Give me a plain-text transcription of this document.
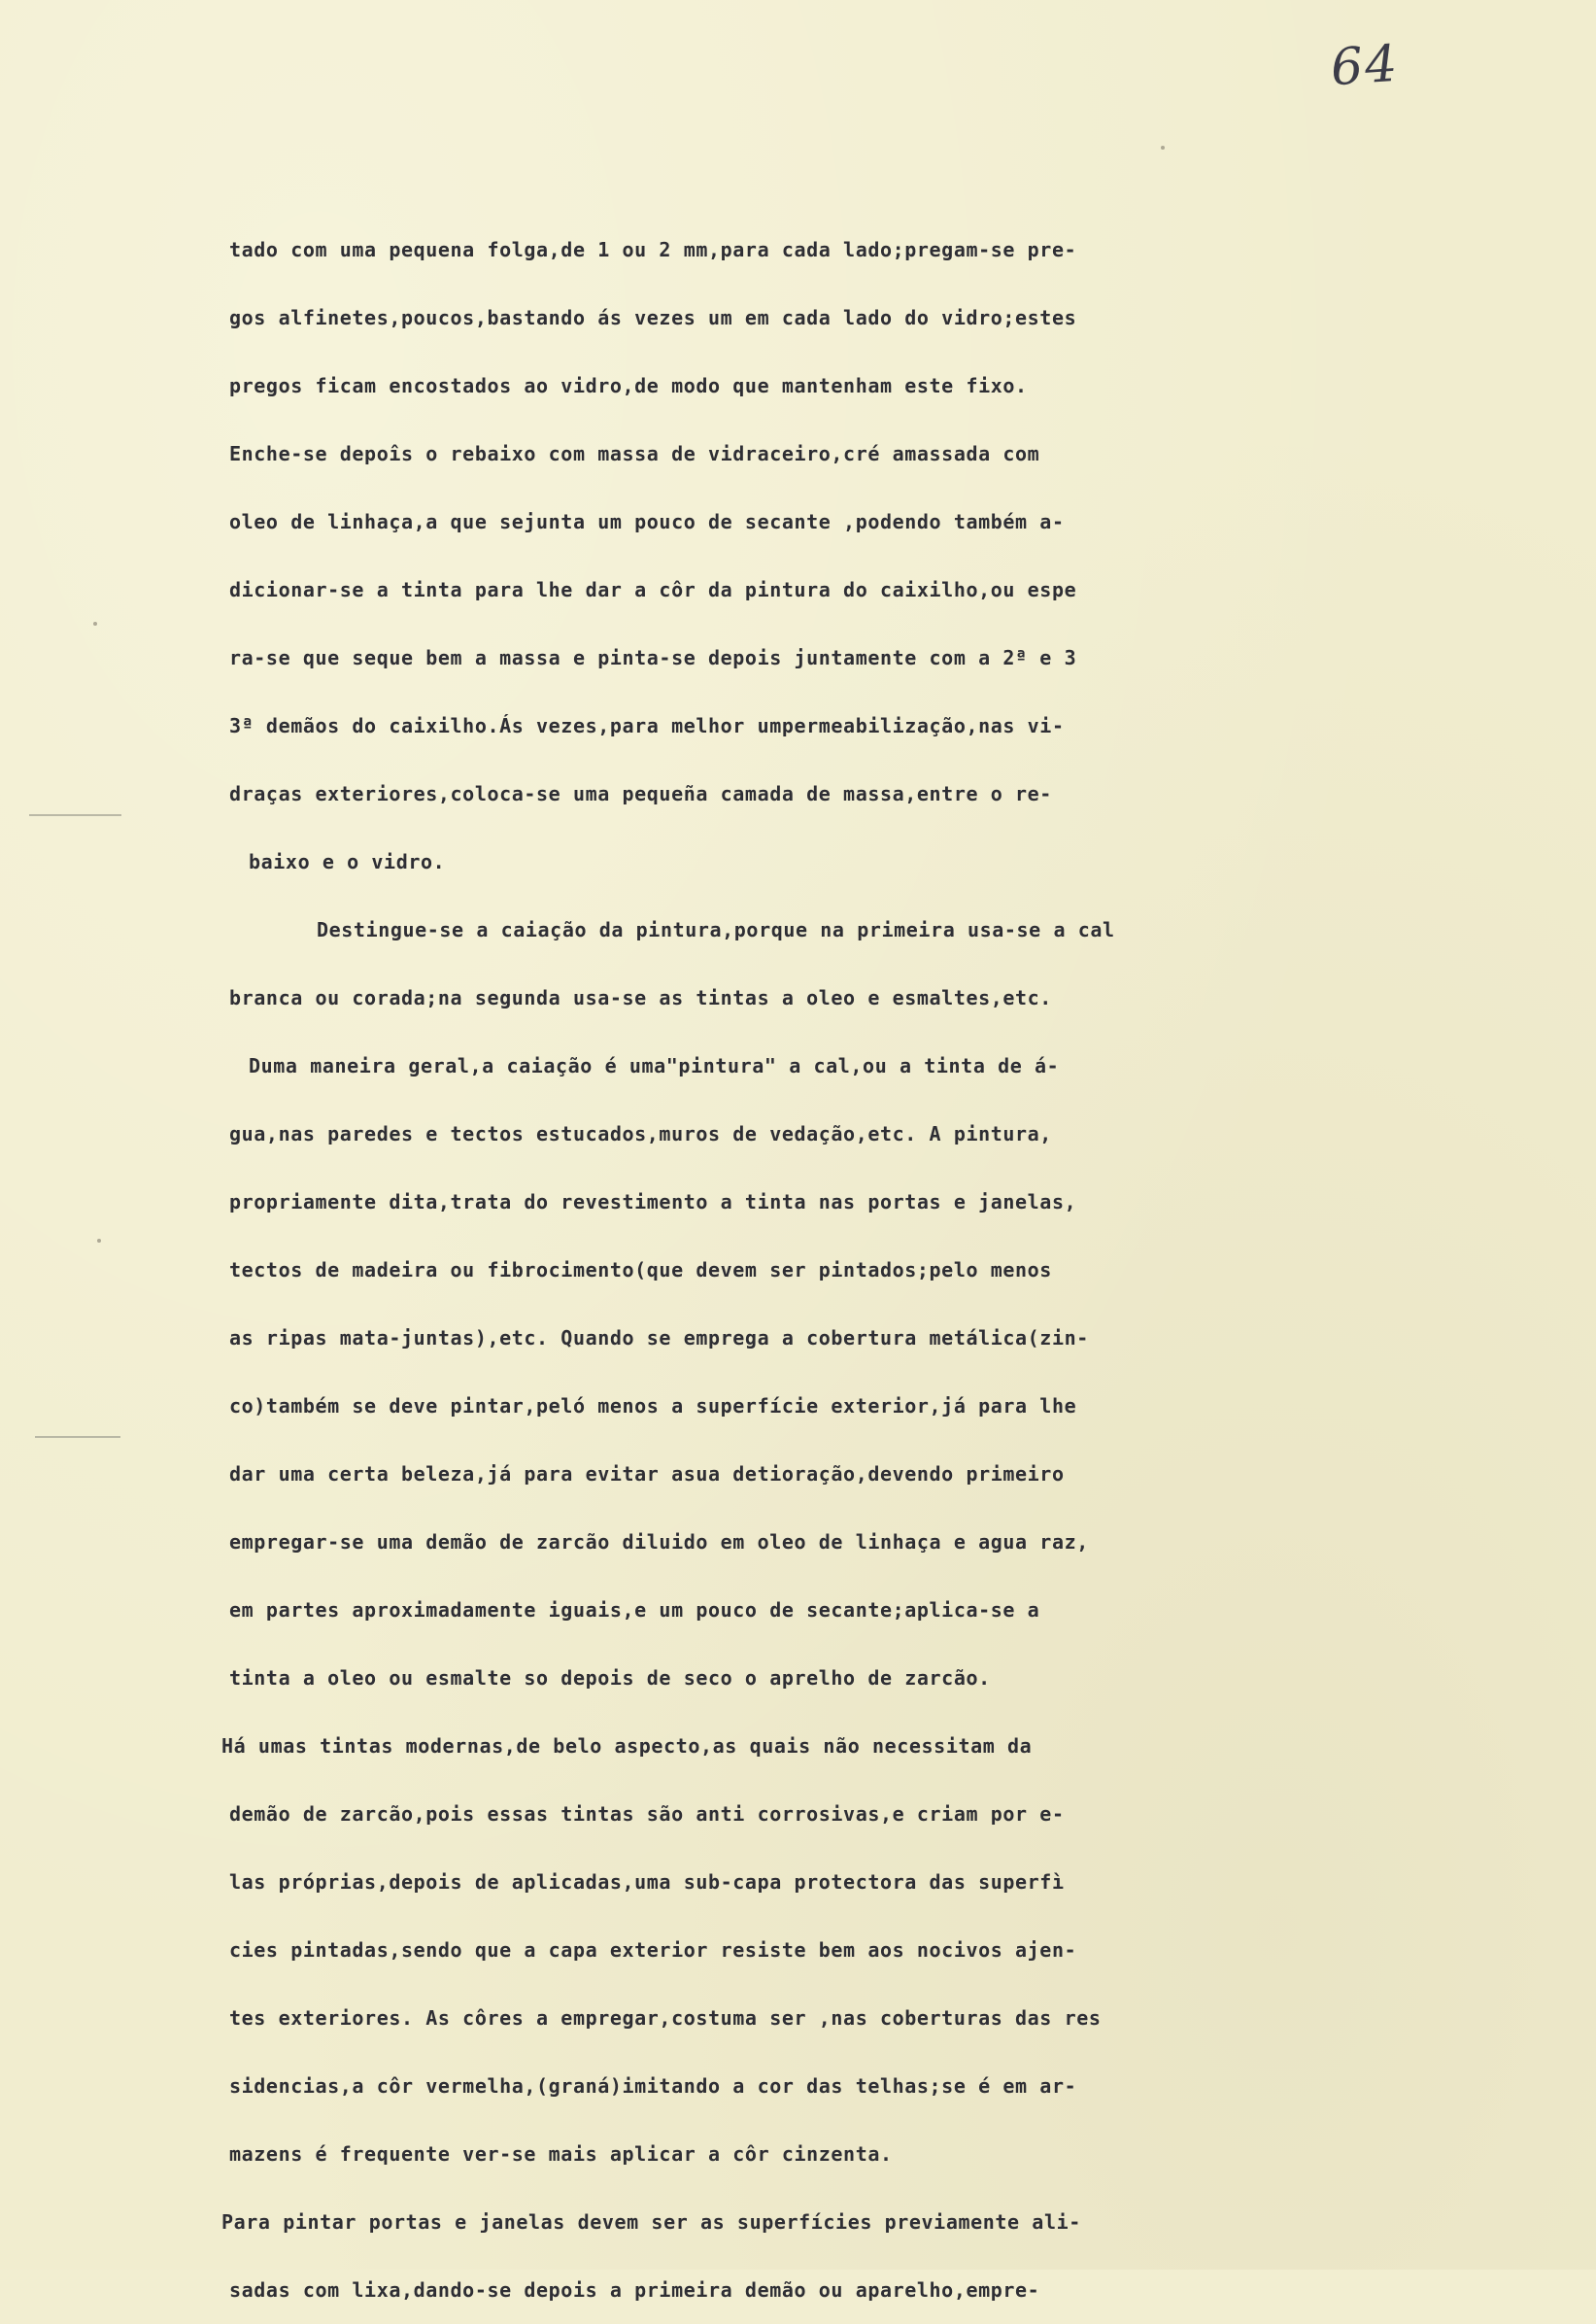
64
tado com uma pequena folga,de 1 ou 2 mm,para cada lado;pregam-se pre-
gos alfinetes,poucos,bastando ás vezes um em cada lado do vidro;estes
pregos ficam encostados ao vidro,de modo que mantenham este fixo.
Enche-se depoîs o rebaixo com massa de vidraceiro,cré amassada com
oleo de linhaça,a que sejunta um pouco de secante ,podendo também a-
dicionar-se a tinta para lhe dar a côr da pintura do caixilho,ou espe
ra-se que seque bem a massa e pinta-se depois juntamente com a 2ª e 3
3ª demãos do caixilho.Ás vezes,para melhor umpermeabilização,nas vi-
draças exteriores,coloca-se uma pequeña camada de massa,entre o re-
baixo e o vidro.
Destingue-se a caiação da pintura,porque na primeira usa-se a cal
branca ou corada;na segunda usa-se as tintas a oleo e esmaltes,etc.
Duma maneira geral,a caiação é uma"pintura" a cal,ou a tinta de á-
gua,nas paredes e tectos estucados,muros de vedação,etc. A pintura,
propriamente dita,trata do revestimento a tinta nas portas e janelas,
tectos de madeira ou fibrocimento(que devem ser pintados;pelo menos
as ripas mata-juntas),etc. Quando se emprega a cobertura metálica(zin-
co)também se deve pintar,peló menos a superfície exterior,já para lhe
dar uma certa beleza,já para evitar asua detioração,devendo primeiro
empregar-se uma demão de zarcão diluido em oleo de linhaça e agua raz,
em partes aproximadamente iguais,e um pouco de secante;aplica-se a
tinta a oleo ou esmalte so depois de seco o aprelho de zarcão.
Há umas tintas modernas,de belo aspecto,as quais não necessitam da
demão de zarcão,pois essas tintas são anti corrosivas,e criam por e-
las próprias,depois de aplicadas,uma sub-capa protectora das superfì
cies pintadas,sendo que a capa exterior resiste bem aos nocivos ajen-
tes exteriores. As côres a empregar,costuma ser ,nas coberturas das res
sidencias,a côr vermelha,(graná)imitando a cor das telhas;se é em ar-
mazens é frequente ver-se mais aplicar a côr cinzenta.
Para pintar portas e janelas devem ser as superfícies previamente ali-
sadas com lixa,dando-se depois a primeira demão ou aparelho,empre-
